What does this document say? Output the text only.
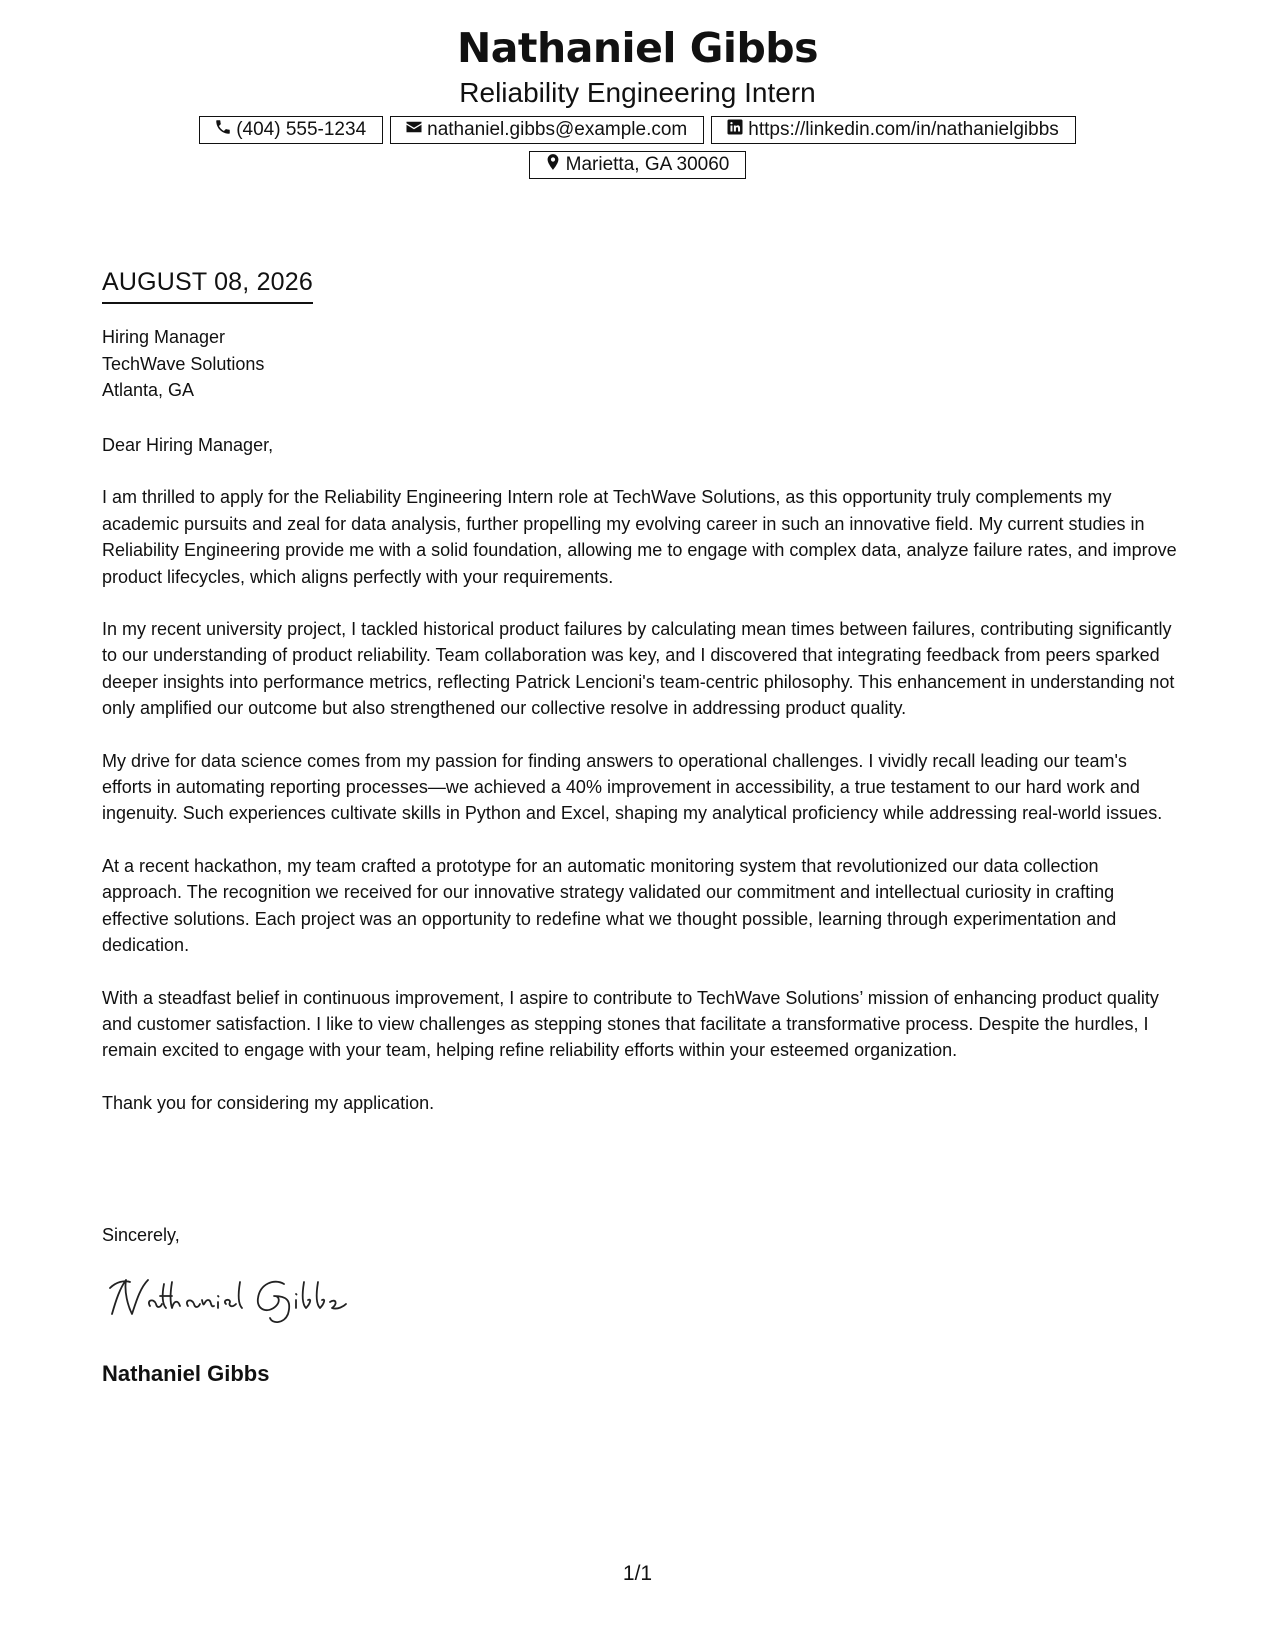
Nathaniel Gibbs
Reliability Engineering Intern
(404) 555-1234	nathaniel.gibbs@example.com	https://linkedin.com/in/nathanielgibbs
Marietta, GA 30060
AUGUST 08, 2026
Hiring Manager
TechWave Solutions
Atlanta, GA

Dear Hiring Manager,

I am thrilled to apply for the Reliability Engineering Intern role at TechWave Solutions, as this opportunity truly complements my academic pursuits and zeal for data analysis, further propelling my evolving career in such an innovative field. My current studies in Reliability Engineering provide me with a solid foundation, allowing me to engage with complex data, analyze failure rates, and improve product lifecycles, which aligns perfectly with your requirements.

In my recent university project, I tackled historical product failures by calculating mean times between failures, contributing significantly to our understanding of product reliability. Team collaboration was key, and I discovered that integrating feedback from peers sparked deeper insights into performance metrics, reflecting Patrick Lencioni's team-centric philosophy. This enhancement in understanding not only amplified our outcome but also strengthened our collective resolve in addressing product quality.

My drive for data science comes from my passion for finding answers to operational challenges. I vividly recall leading our team's efforts in automating reporting processes—we achieved a 40% improvement in accessibility, a true testament to our hard work and ingenuity. Such experiences cultivate skills in Python and Excel, shaping my analytical proficiency while addressing real-world issues.

At a recent hackathon, my team crafted a prototype for an automatic monitoring system that revolutionized our data collection approach. The recognition we received for our innovative strategy validated our commitment and intellectual curiosity in crafting effective solutions. Each project was an opportunity to redefine what we thought possible, learning through experimentation and dedication.

With a steadfast belief in continuous improvement, I aspire to contribute to TechWave Solutions’ mission of enhancing product quality and customer satisfaction. I like to view challenges as stepping stones that facilitate a transformative process. Despite the hurdles, I remain excited to engage with your team, helping refine reliability efforts within your esteemed organization.

Thank you for considering my application.

Sincerely,
Nathaniel Gibbs
1/1
